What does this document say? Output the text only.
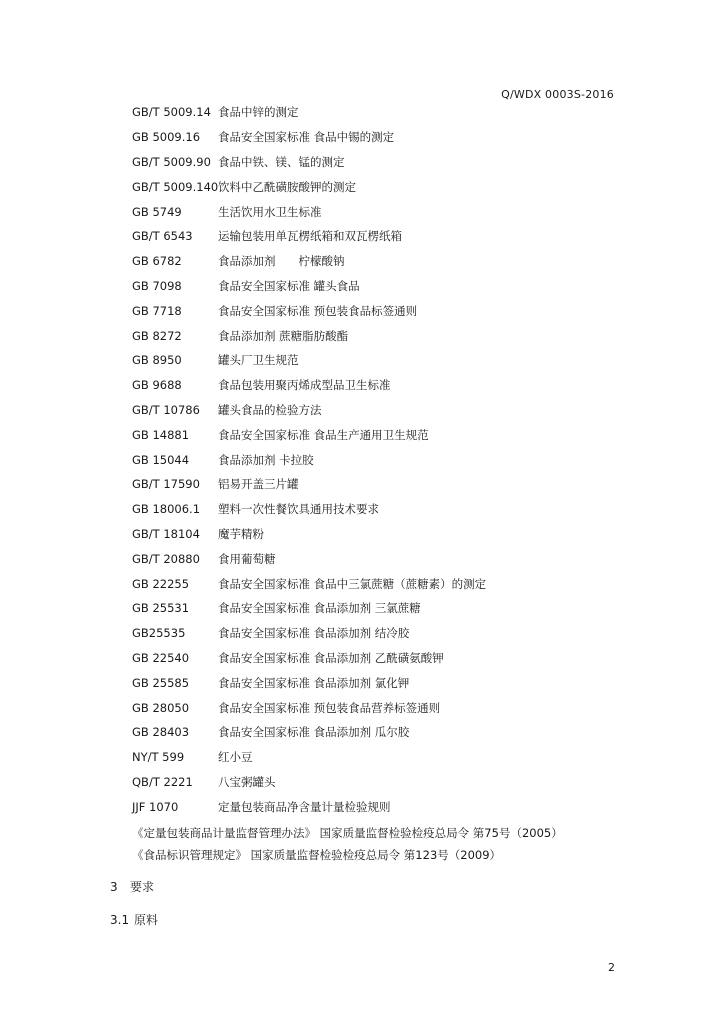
Q/WDX 0003S-2016
GB/T 5009.14 食品中锌的测定
GB 5009.16	食品安全国家标准 食品中锡的测定
GB/T 5009.90 食品中铁、镁、锰的测定
GB/T 5009.140 饮料中乙酰磺胺酸钾的测定
GB 5749	生活饮用水卫生标准
GB/T 6543	运输包装用单瓦楞纸箱和双瓦楞纸箱
GB 6782	食品添加剂　　柠檬酸钠
GB 7098	食品安全国家标准 罐头食品
GB 7718	食品安全国家标准 预包装食品标签通则
GB 8272	食品添加剂 蔗糖脂肪酸酯
GB 8950	罐头厂卫生规范
GB 9688	食品包装用聚丙烯成型品卫生标准
GB/T 10786	罐头食品的检验方法
GB 14881	食品安全国家标准 食品生产通用卫生规范
GB 15044	食品添加剂 卡拉胶
GB/T 17590	铝易开盖三片罐
GB 18006.1	塑料一次性餐饮具通用技术要求
GB/T 18104	魔芋精粉
GB/T 20880	食用葡萄糖
GB 22255	食品安全国家标准 食品中三氯蔗糖（蔗糖素）的测定
GB 25531	食品安全国家标准 食品添加剂 三氯蔗糖
GB25535	食品安全国家标准 食品添加剂 结冷胶
GB 22540	食品安全国家标准 食品添加剂 乙酰磺氨酸钾
GB 25585	食品安全国家标准 食品添加剂 氯化钾
GB 28050	食品安全国家标准 预包装食品营养标签通则
GB 28403	食品安全国家标准 食品添加剂 瓜尔胶
NY/T 599	红小豆
QB/T 2221	八宝粥罐头
JJF 1070	定量包装商品净含量计量检验规则
《定量包装商品计量监督管理办法》 国家质量监督检验检疫总局令 第75号（2005）
《食品标识管理规定》 国家质量监督检验检疫总局令 第123号（2009）
3 要求
3.1 原料
2
